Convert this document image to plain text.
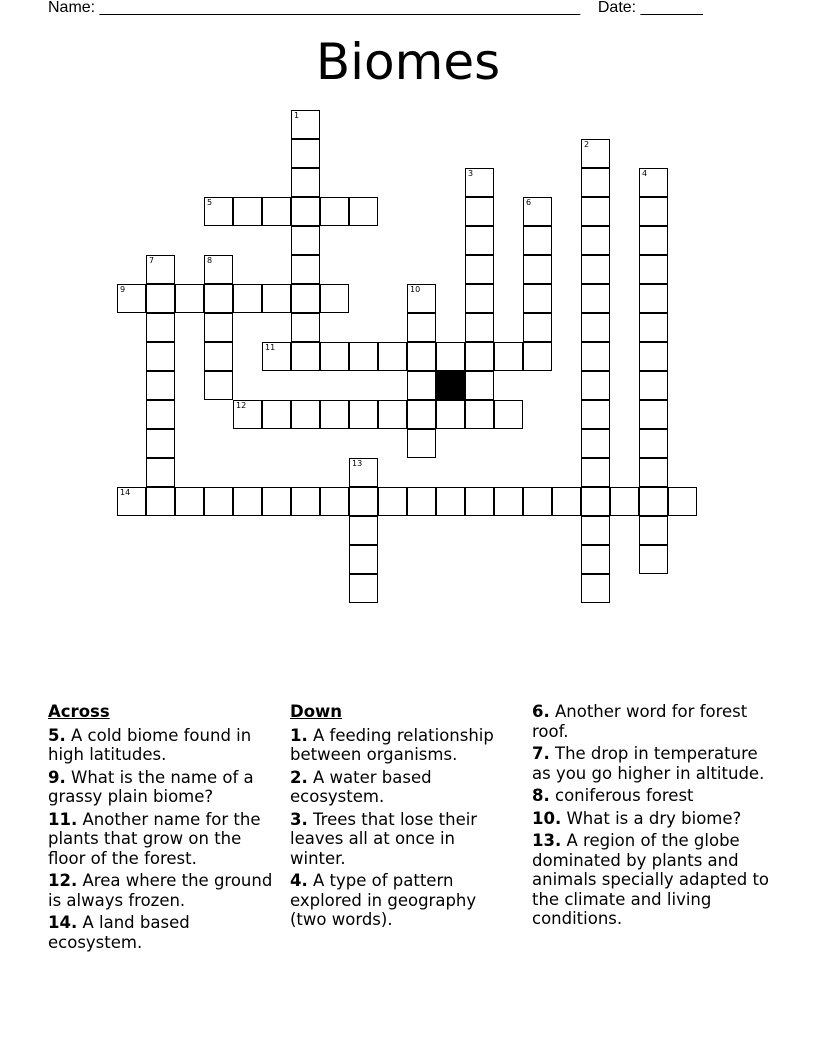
Name: ______________________________________________________ Date: _______
Biomes
1
2
3	4
5	6
7	8
9	10
11
12
13
14
Across
5. A cold biome found in high latitudes.
9. What is the name of a grassy plain biome?
11. Another name for the plants that grow on the floor of the forest.
12. Area where the ground is always frozen.
14. A land based ecosystem.
Down
1. A feeding relationship between organisms.
2. A water based ecosystem.
3. Trees that lose their leaves all at once in winter.
4. A type of pattern explored in geography (two words).
6. Another word for forest roof.
7. The drop in temperature as you go higher in altitude.
8. coniferous forest
10. What is a dry biome?
13. A region of the globe dominated by plants and animals specially adapted to the climate and living conditions.
